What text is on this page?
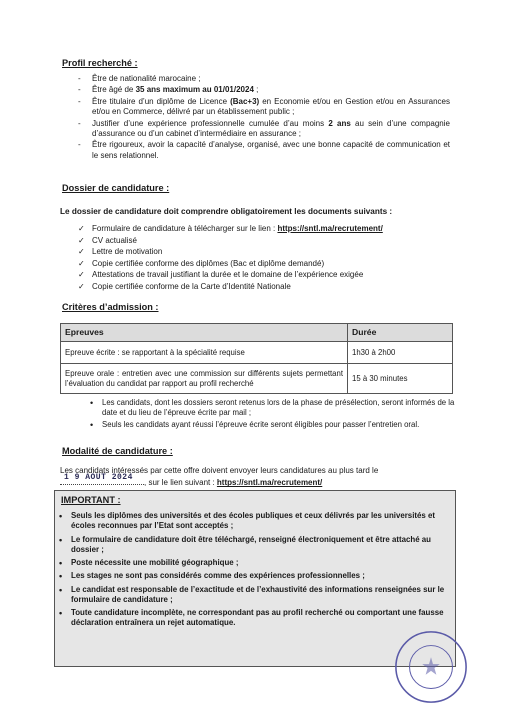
Profil recherché :
- Être de nationalité marocaine ;
- Être âgé de 35 ans maximum au 01/01/2024 ;
- Être titulaire d’un diplôme de Licence (Bac+3) en Economie et/ou en Gestion et/ou en Assurances et/ou en Commerce, délivré par un établissement public ;
- Justifier d’une expérience professionnelle cumulée d’au moins 2 ans au sein d’une compagnie d’assurance ou d’un cabinet d’intermédiaire en assurance ;
- Être rigoureux, avoir la capacité d’analyse, organisé, avec une bonne capacité de communication et le sens relationnel.
Dossier de candidature :
Le dossier de candidature doit comprendre obligatoirement les documents suivants :
✓ Formulaire de candidature à télécharger sur le lien : https://sntl.ma/recrutement/
✓ CV actualisé
✓ Lettre de motivation
✓ Copie certifiée conforme des diplômes (Bac et diplôme demandé)
✓ Attestations de travail justifiant la durée et le domaine de l’expérience exigée
✓ Copie certifiée conforme de la Carte d’Identité Nationale
Critères d’admission :
Epreuves	Durée
Epreuve écrite : se rapportant à la spécialité requise	1h30 à 2h00
Epreuve orale : entretien avec une commission sur différents sujets permettant l’évaluation du candidat par rapport au profil recherché	15 à 30 minutes
• Les candidats, dont les dossiers seront retenus lors de la phase de présélection, seront informés de la date et du lieu de l’épreuve écrite par mail ;
• Seuls les candidats ayant réussi l’épreuve écrite seront éligibles pour passer l’entretien oral.
Modalité de candidature :
Les candidats intéressés par cette offre doivent envoyer leurs candidatures au plus tard le

1 9 AOUT 2024
, sur le lien suivant : https://sntl.ma/recrutement/
IMPORTANT :
• Seuls les diplômes des universités et des écoles publiques et ceux délivrés par les universités et écoles reconnues par l’Etat sont acceptés ;
• Le formulaire de candidature doit être téléchargé, renseigné électroniquement et être attaché au dossier ;
• Poste nécessite une mobilité géographique ;
• Les stages ne sont pas considérés comme des expériences professionnelles ;
• Le candidat est responsable de l’exactitude et de l’exhaustivité des informations renseignées sur le formulaire de candidature ;
• Toute candidature incomplète, ne correspondant pas au profil recherché ou comportant une fausse déclaration entraînera un rejet automatique.
